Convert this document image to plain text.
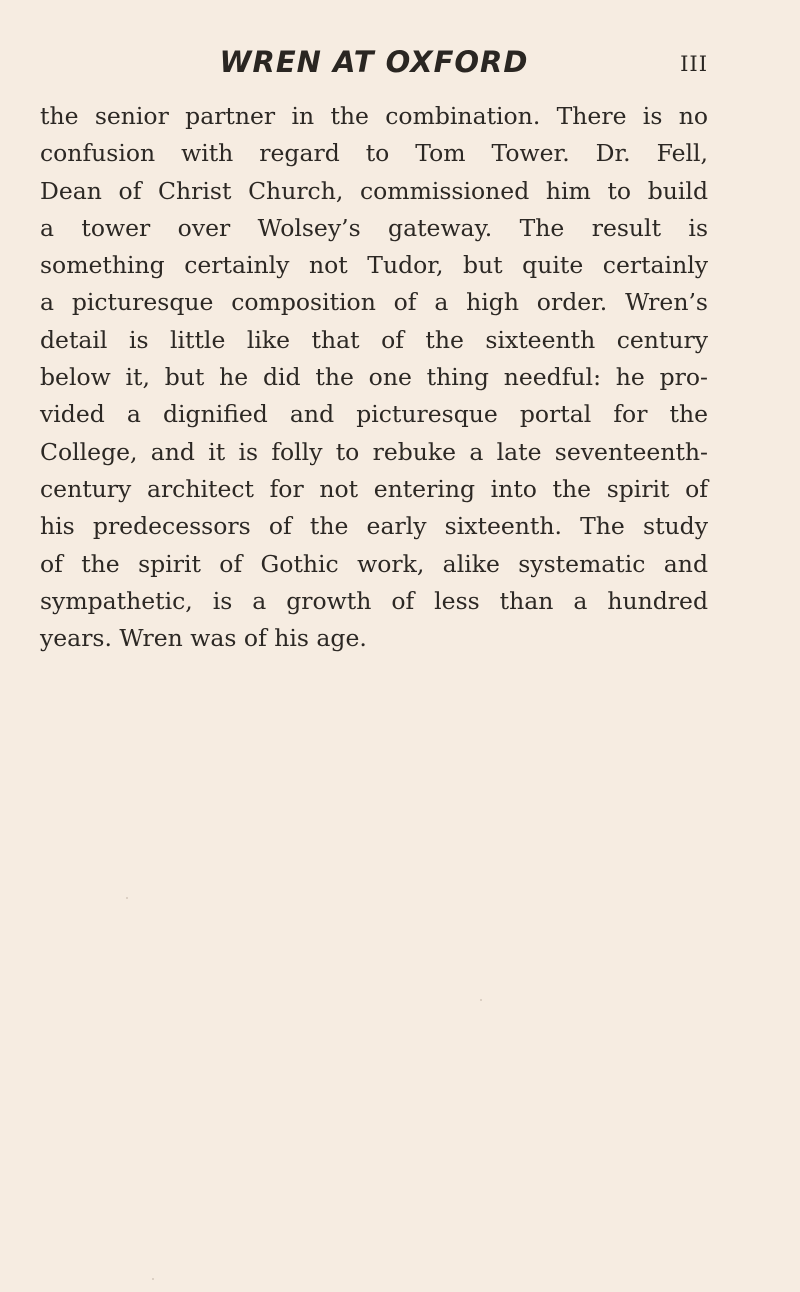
WREN AT OXFORD	III
the senior partner in the combination. There is no
confusion with regard to Tom Tower. Dr. Fell,
Dean of Christ Church, commissioned him to build
a tower over Wolsey’s gateway. The result is
something certainly not Tudor, but quite certainly
a picturesque composition of a high order. Wren’s
detail is little like that of the sixteenth century
below it, but he did the one thing needful: he pro-
vided a dignified and picturesque portal for the
College, and it is folly to rebuke a late seventeenth-
century architect for not entering into the spirit of
his predecessors of the early sixteenth. The study
of the spirit of Gothic work, alike systematic and
sympathetic, is a growth of less than a hundred
years. Wren was of his age.
